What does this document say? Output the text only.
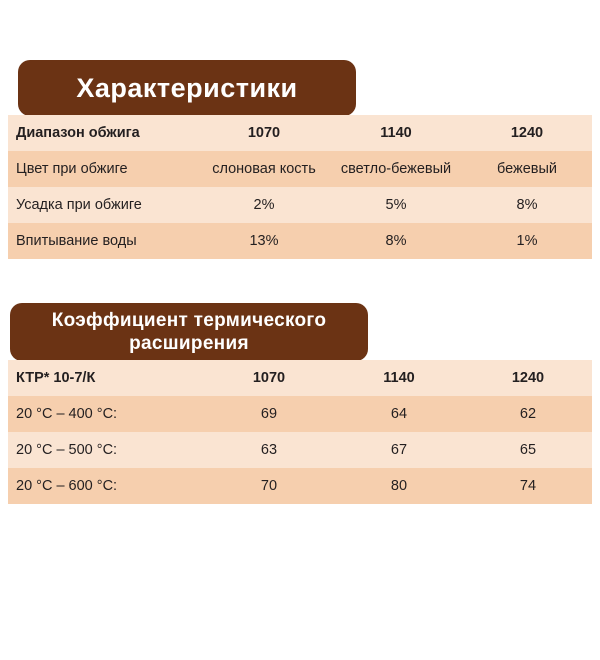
Характеристики
Диапазон обжига	1070	1140	1240
Цвет при обжиге	слоновая кость	светло-бежевый	бежевый
Усадка при обжиге	2%	5%	8%
Впитывание воды	13%	8%	1%
Коэффициент термического
расширения
КТР* 10-7/К	1070	1140	1240
20 °C – 400 °C:	69	64	62
20 °C – 500 °C:	63	67	65
20 °C – 600 °C:	70	80	74
